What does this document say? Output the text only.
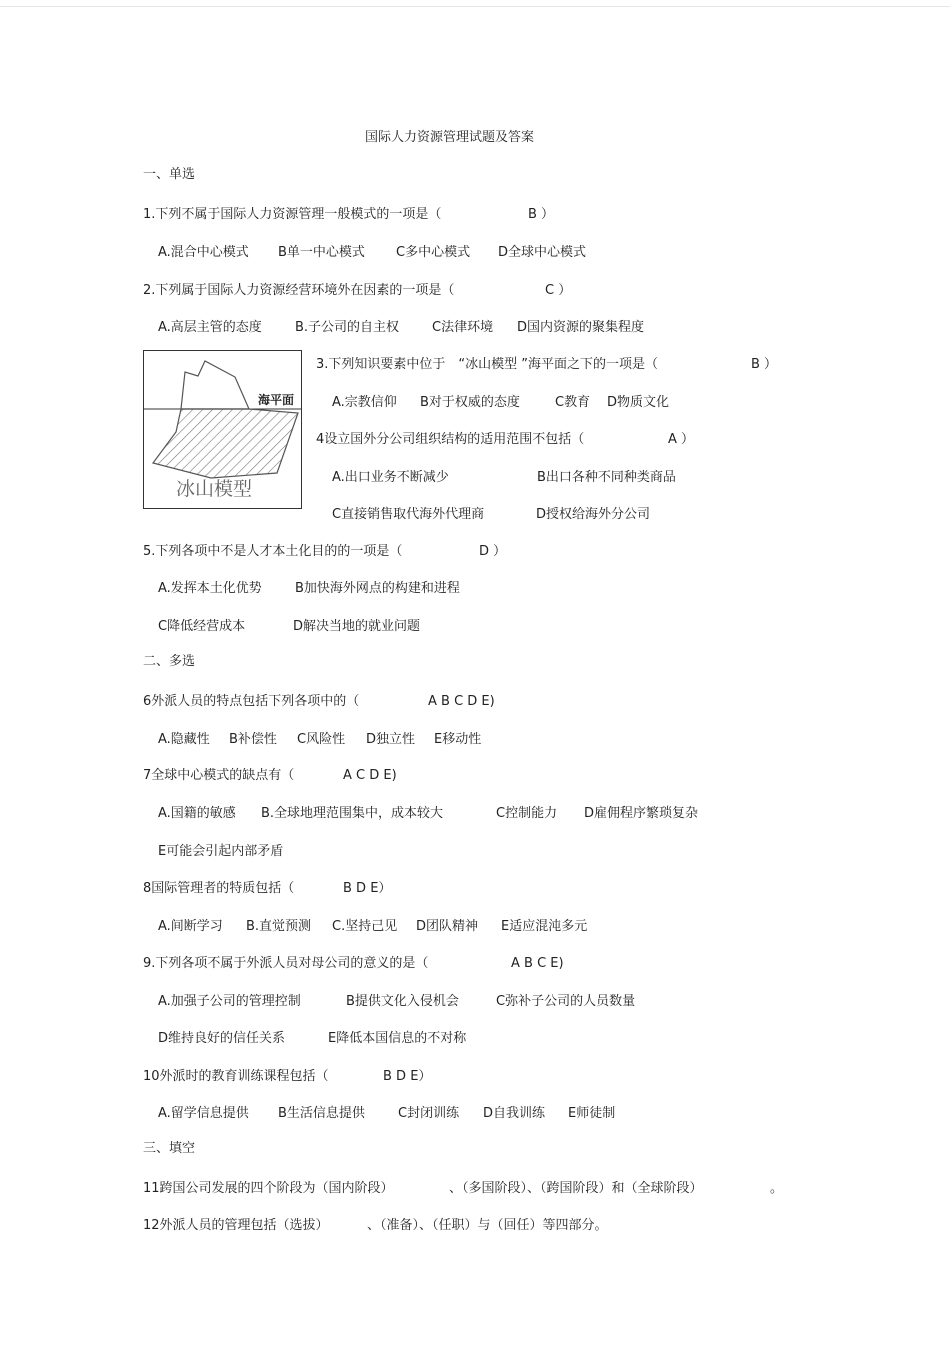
国际人力资源管理试题及答案
一、单选
1.下列不属于国际人力资源管理一般模式的一项是（	B ）
A.混合中心模式 B单一中心模式 C多中心模式 D全球中心模式
2.下列属于国际人力资源经营环境外在因素的一项是（	C ）
A.高层主管的态度	B.子公司的自主权	C法律环境 D国内资源的聚集程度
海平面
冰山模型
3.下列知识要素中位于　“冰山模型 ”海平面之下的一项是（	B ）
A.宗教信仰 B对于权威的态度	C教育 D物质文化
4设立国外分公司组织结构的适用范围不包括（	A ）
A.出口业务不断减少	B出口各种不同种类商品
C直接销售取代海外代理商	D授权给海外分公司
5.下列各项中不是人才本土化目的的一项是（	D ）
A.发挥本土化优势	B加快海外网点的构建和进程
C降低经营成本	D解决当地的就业问题
二、多选
6外派人员的特点包括下列各项中的（	A B C D E)
A.隐藏性 B补偿性 C风险性 D独立性 E移动性
7全球中心模式的缺点有（	A C D E)
A.国籍的敏感 B.全球地理范围集中，成本较大	C控制能力 D雇佣程序繁琐复杂
E可能会引起内部矛盾
8国际管理者的特质包括（	B D E）
A.间断学习 B.直觉预测 C.坚持己见 D团队精神 E适应混沌多元
9.下列各项不属于外派人员对母公司的意义的是（	A B C E)
A.加强子公司的管理控制	B提供文化入侵机会	C弥补子公司的人员数量
D维持良好的信任关系	E降低本国信息的不对称
10外派时的教育训练课程包括（	B D E）
A.留学信息提供 B生活信息提供	C封闭训练 D自我训练 E师徒制
三、填空
11跨国公司发展的四个阶段为（国内阶段）	、（多国阶段）、（跨国阶段）和（全球阶段）	。
12外派人员的管理包括（选拔）	、（准备）、（任职）与（回任）等四部分。
